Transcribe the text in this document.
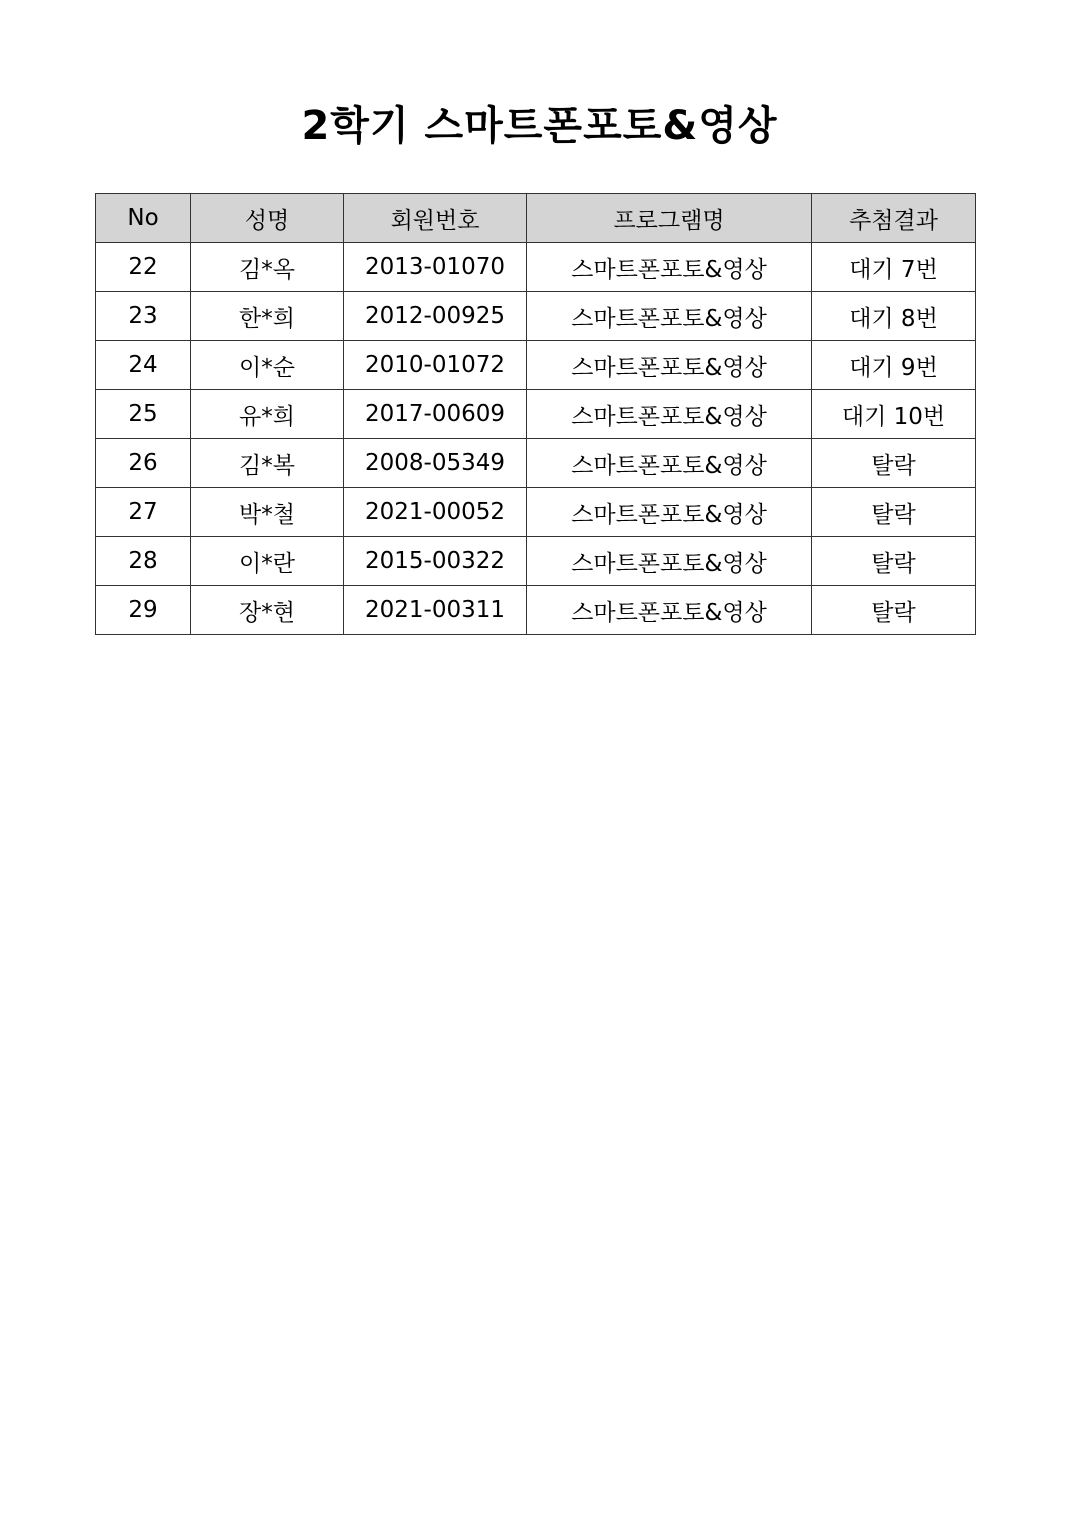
2학기 스마트폰포토&영상
No	성명	회원번호	프로그램명	추첨결과
22	김*옥	2013-01070	스마트폰포토&영상	대기 7번
23	한*희	2012-00925	스마트폰포토&영상	대기 8번
24	이*순	2010-01072	스마트폰포토&영상	대기 9번
25	유*희	2017-00609	스마트폰포토&영상	대기 10번
26	김*복	2008-05349	스마트폰포토&영상	탈락
27	박*철	2021-00052	스마트폰포토&영상	탈락
28	이*란	2015-00322	스마트폰포토&영상	탈락
29	장*현	2021-00311	스마트폰포토&영상	탈락
